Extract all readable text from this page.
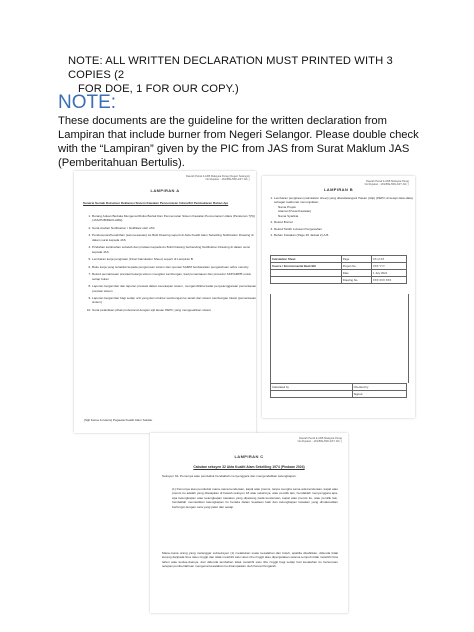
NOTE: ALL WRITTEN DECLARATION MUST PRINTED WITH 3 COPIES (2
FOR DOE, 1 FOR OUR COPY.)
NOTE:
These documents are the guideline for the written declaration from Lampiran that include burner from Negeri Selangor. Please double check with the “Lampiran” given by the PIC from JAS from Surat Maklum JAS (Pemberitahuan Bertulis).
Daerah Perak & AKB Malaysia Perag (Negeri Selangor)
No Rujukan : JAS/BSL/500-4/2T Jld ( )
LAMPIRAN A
Senarai Semak Dokumen Deklarasi Sistem Kawalan Pencemaran Udara/Kit Pembakaran Bahan Api
1. Borang Aduan Berkala Mengenai Risiko Berlak Dan Pencemaran Sistem Kawalan Pencemaran Udara (Peraturan 7(5)) (JAS/PUB/DECLARE)
2. Surat Arahan Notification / Notifikasi oleh JAS
3. Pendusunan/Kesahihan (satu kesatuan) As Built Drawing seperti di Akta Kualiti Alam Sekeliling Notification Drawing di dalam surat kepada JAS
4. Pindahan ketiknahan sebelah dan pindaan kepada As Built Drawing berbanding Notification Drawing di dalam surat kepada JAS
5. Lembaran kerja pengiraan (Final Calculation Sheet) seperti di Lampiran B
6. Buku kerja yang tertakluk kepada pengurusan sistem dan operasi SAMM berdasarkan pengetahuan reflux velocity
7. Rekod pemantauan prestasi bekerja sistem mengikut sambungan, kad pemantauan dan prosedur SKP/AMPB untuk setiap bulan
8. Laporan bergambar dan laporan prestasi dalam kecekapan sistem, mengambilkira kadar penyelenggaraan pemantauan prestasi sistem
9. Laporan bergambar bagi setiap unit yang dan struktur sambungan ke tanah dan sistem sambungan lokasi (pemantauan sistem)
10. Surat pelantikan pihak profesional dengan sijil akuan PEPC yang mengesahkan sistem
(Sijil Ketua Jurutera) Pegawai Kualiti Alam Sekitar
Daerah Perak & AKB Malaysia Perag
No Rujukan : JAS/BSL/500-4/2T Jld ( )
LAMPIRAN B
1. Lembaran pengiraan (calculation sheet) yang ditandatangani Hasan (Alip) (PEPC di ketepi data-data) sebagai maklumat menunjukkan
Nama Projek
Alamat (Pusat Kawalan)
Nama Syarikat
2. Rekod Burner
3. Rekod Tarikh Lulusan Pengesahan
4. Beban Kawalan (Page 20 Jadual 2) A.B.
Calculation Sheet	Page	XX of XX
Source / Environmental Back Bill	Project No.	XXX YYY
	Date	1 July 2021
	Drawing No.	XXX XXX XXX
Calculated by	Checked by
	Signed
Daerah Perak & AKB Malaysia Perag
No Rujukan : JAS/BSL/500-4/2T Jld ( )
LAMPIRAN C
Cabutan seksyen 32 Akta Kualiti Alam Sekeliling 1974 (Pindaan 2024)
Seksyen 32- Pemunya atau penduduk hendaklah menyenggara dan mengendalikan kelengkapan.
(1) Pemunya atau penduduk mana-mana kenderaan, kapal atau premis, tanpa mengira sama ada kenderaan, kapal atau premis itu adalah yang ditetapkan di bawah seksyen 18 atau selainnya, atau pemilik lain, hendaklah menyenggara apa-apa kelengkapan atau kelengkapan kawalan yang dipasang pada kenderaan, kapal atau premis itu, atau pemilik lain, hendaklah memastikan kelengkapan itu berada dalam keadaan baik dan kelengkapan kawalan yang dimaksudkan berfungsi dengan cara yang patut dan sekaji.
Mana-mana orang yang melanggar subseksyen (1) melakukan suatu kesalahan dan boleh, apabila disabitkan, didenda tidak kurang daripada lima ratus ringgit dan tidak melebihi satu ratus ribu ringgit atau dipenjarakan selama tempoh tidak melebihi lima tahun atau kedua-duanya, dan didenda tambahan tidak melebihi satu ribu ringgit bagi setiap hari kesalahan itu berterusan selepas pemberitahuan mengenai kesalahan itu disampaikan oleh Ketua Pengarah.
